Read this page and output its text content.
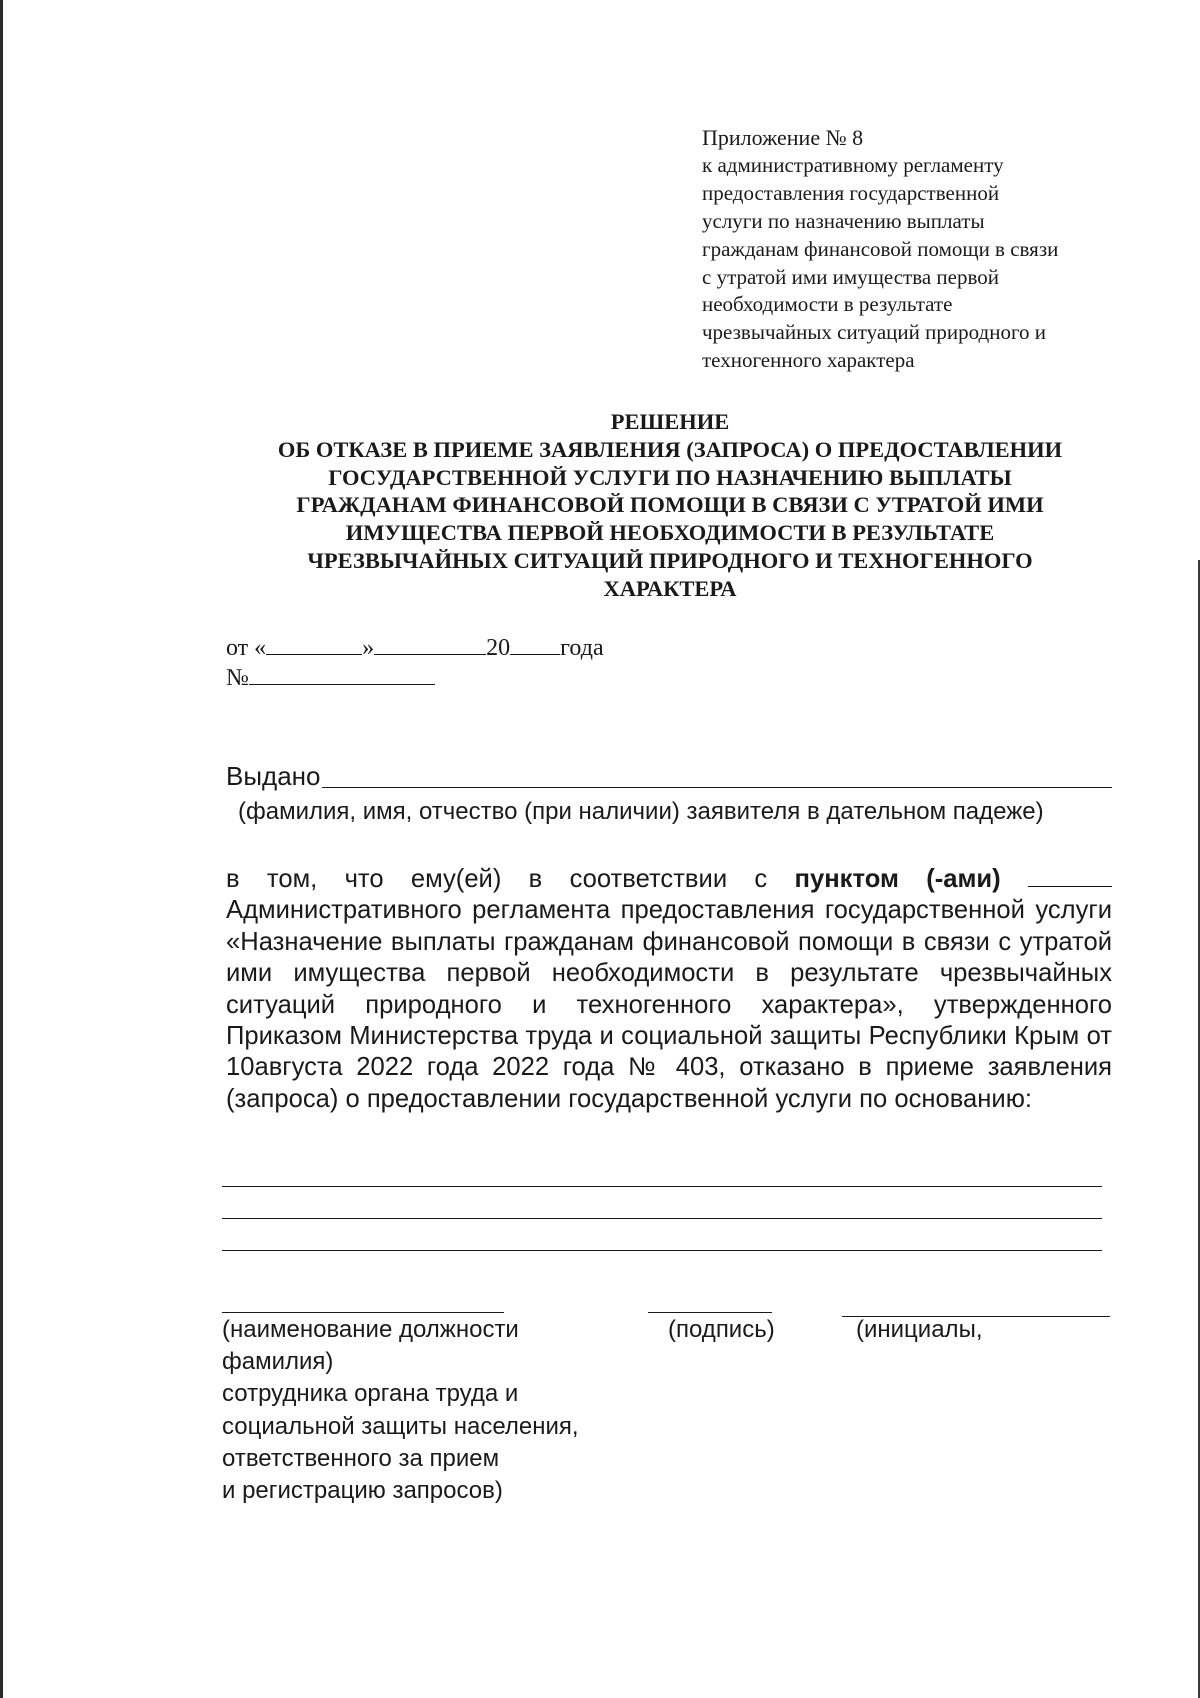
Приложение № 8
к административному регламенту
предоставления государственной
услуги по назначению выплаты
гражданам финансовой помощи в связи
с утратой ими имущества первой
необходимости в результате
чрезвычайных ситуаций природного и
техногенного характера
РЕШЕНИЕ
ОБ ОТКАЗЕ В ПРИЕМЕ ЗАЯВЛЕНИЯ (ЗАПРОСА) О ПРЕДОСТАВЛЕНИИ
ГОСУДАРСТВЕННОЙ УСЛУГИ ПО НАЗНАЧЕНИЮ ВЫПЛАТЫ
ГРАЖДАНАМ ФИНАНСОВОЙ ПОМОЩИ В СВЯЗИ С УТРАТОЙ ИМИ
ИМУЩЕСТВА ПЕРВОЙ НЕОБХОДИМОСТИ В РЕЗУЛЬТАТЕ
ЧРЕЗВЫЧАЙНЫХ СИТУАЦИЙ ПРИРОДНОГО И ТЕХНОГЕННОГО
ХАРАКТЕРА
от «	»	20 года
№
Выдано
(фамилия, имя, отчество (при наличии) заявителя в дательном падеже)
в том, что ему(ей) в соответствии с пунктом (-ами)  Административного регламента предоставления государственной услуги «Назначение выплаты гражданам финансовой помощи в связи с утратой ими имущества первой необходимости в результате чрезвычайных ситуаций природного и техногенного характера», утвержденного Приказом Министерства труда и социальной защиты Республики Крым от 10августа 2022 года 2022 года № 403, отказано в приеме заявления (запроса) о предоставлении государственной услуги по основанию:
(наименование должности
фамилия)
сотрудника органа труда и
социальной защиты населения,
ответственного за прием
и регистрацию запросов)
(подпись)	(инициалы,
